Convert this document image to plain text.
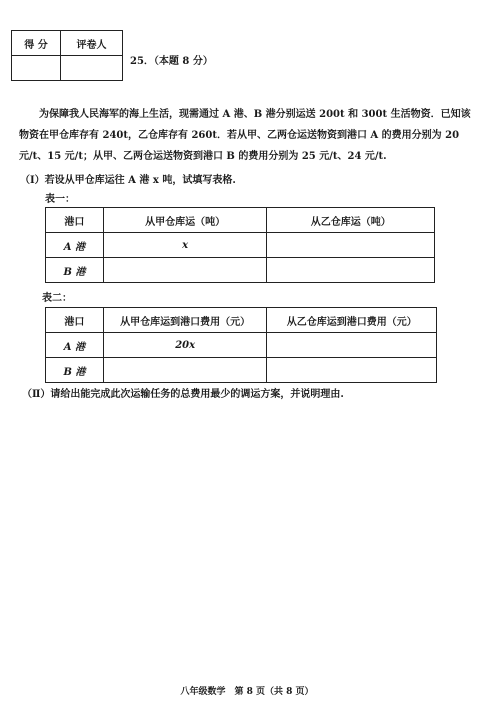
得 分	评卷人

25．（本题 8 分）
为保障我人民海军的海上生活，现需通过 A 港、B 港分别运送 200t 和 300t 生活物资．已知该物资在甲仓库存有 240t，乙仓库存有 260t．若从甲、乙两仓运送物资到港口 A 的费用分别为 20 元/t、15 元/t；从甲、乙两仓运送物资到港口 B 的费用分别为 25 元/t、24 元/t.
（Ⅰ）若设从甲仓库运往 A 港 x 吨，试填写表格.
表一：
港口	从甲仓库运（吨）	从乙仓库运（吨）
A 港	x	
B 港		
表二：
港口	从甲仓库运到港口费用（元）	从乙仓库运到港口费用（元）
A 港	20x	
B 港		
（Ⅱ）请给出能完成此次运输任务的总费用最少的调运方案，并说明理由.
八年级数学　第 8 页（共 8 页）
